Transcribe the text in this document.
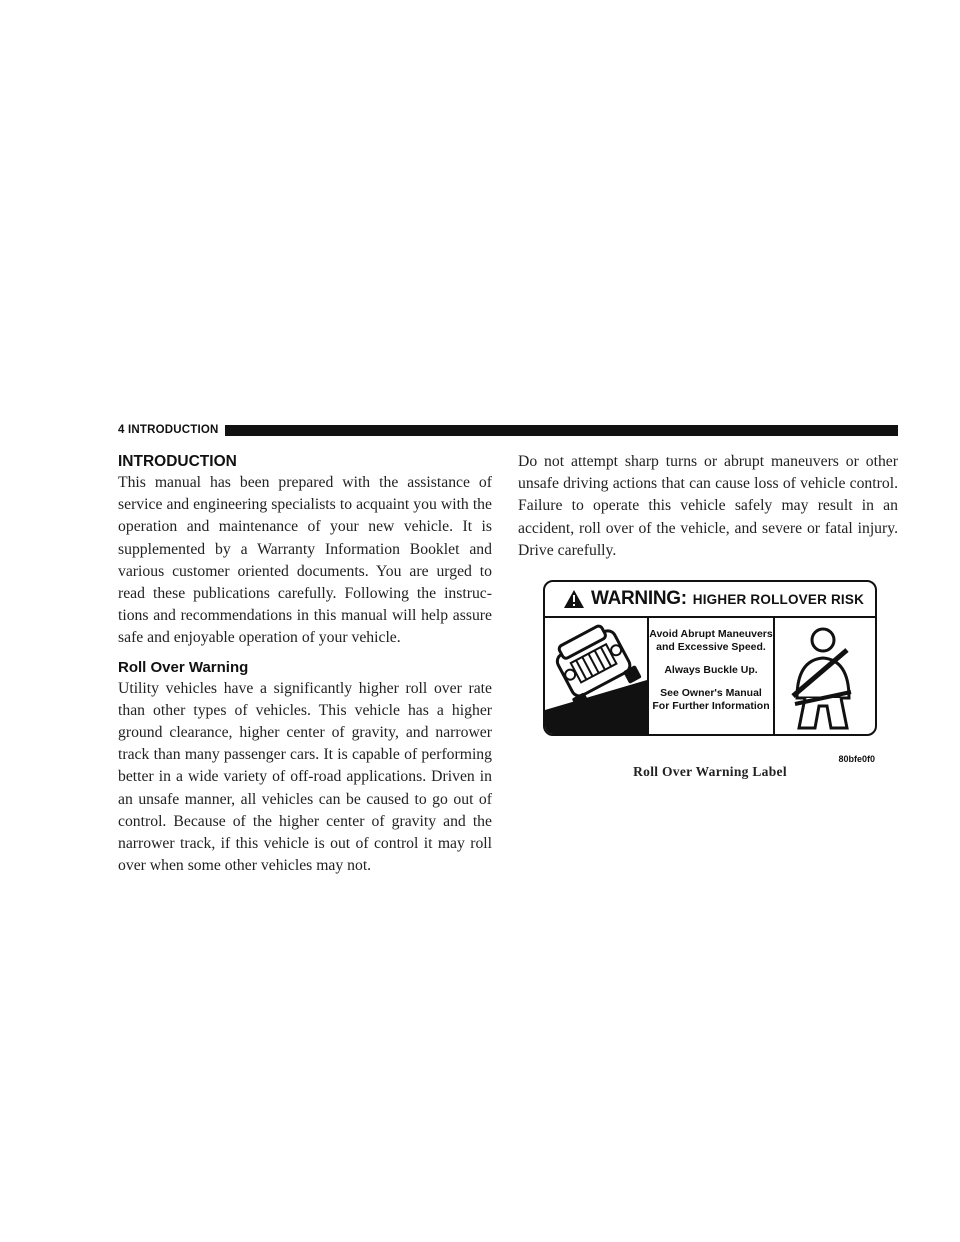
4 INTRODUCTION
INTRODUCTION

This manual has been prepared with the assistance of service and engineering specialists to acquaint you with the operation and maintenance of your new vehicle. It is supplemented by a Warranty Information Booklet and various customer oriented documents. You are urged to read these publications carefully. Following the instructions and recommendations in this manual will help assure safe and enjoyable operation of your vehicle.

Roll Over Warning

Utility vehicles have a significantly higher roll over rate than other types of vehicles. This vehicle has a higher ground clearance, higher center of gravity, and narrower track than many passenger cars. It is capable of performing better in a wide variety of off-road applications. Driven in an unsafe manner, all vehicles can be caused to go out of control. Because of the higher center of gravity and the narrower track, if this vehicle is out of control it may roll over when some other vehicles may not.

Do not attempt sharp turns or abrupt maneuvers or other unsafe driving actions that can cause loss of vehicle control. Failure to operate this vehicle safely may result in an accident, roll over of the vehicle, and severe or fatal injury. Drive carefully.

WARNING: HIGHER ROLLOVER RISK
Avoid Abrupt Maneuvers
and Excessive Speed.
Always Buckle Up.
See Owner's Manual
For Further Information
80bfe0f0
Roll Over Warning Label
